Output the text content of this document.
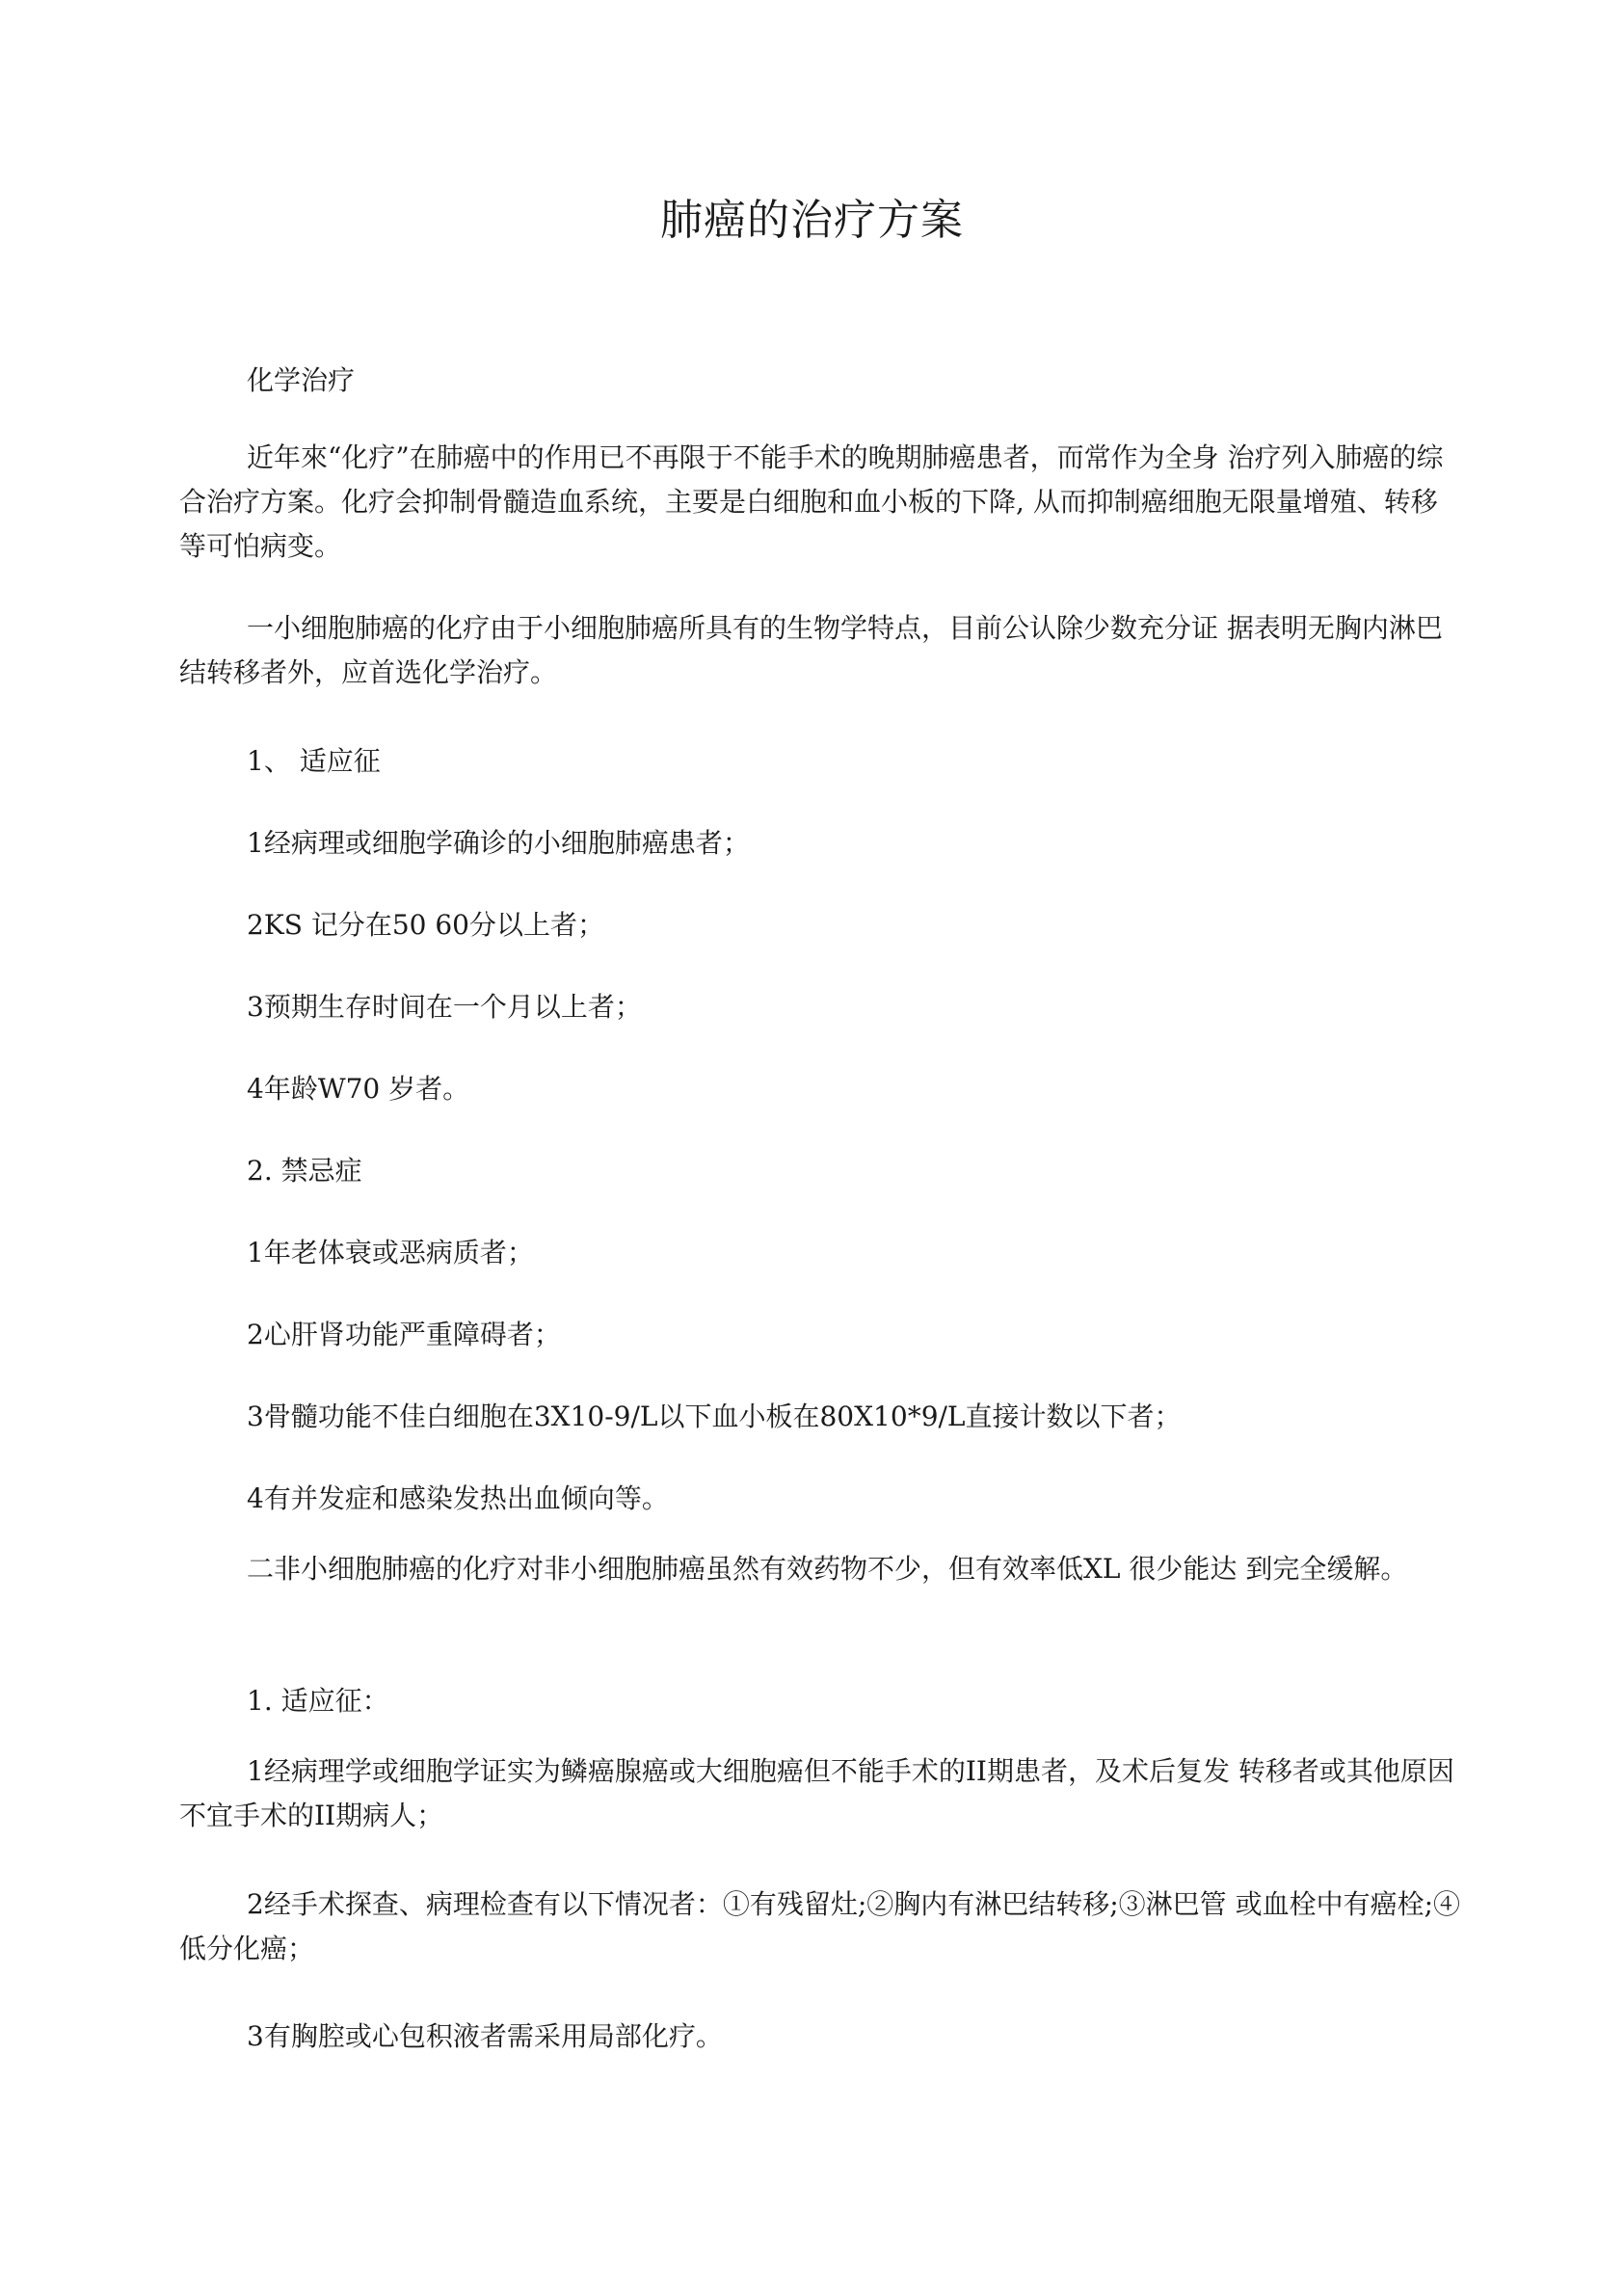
肺癌的治疗方案

化学治疗

近年來“化疗”在肺癌中的作用已不再限于不能手术的晚期肺癌患者，而常作为全身 治疗列入肺癌的综合治疗方案。化疗会抑制骨髓造血系统，主要是白细胞和血小板的下降, 从而抑制癌细胞无限量增殖、转移等可怕病变。

一小细胞肺癌的化疗由于小细胞肺癌所具有的生物学特点，目前公认除少数充分证 据表明无胸内淋巴结转移者外，应首选化学治疗。

1、 适应征

1经病理或细胞学确诊的小细胞肺癌患者；

2KS 记分在50 60分以上者；

3预期生存时间在一个月以上者；

4年龄W70 岁者。

2. 禁忌症

1年老体衰或恶病质者；

2心肝肾功能严重障碍者；

3骨髓功能不佳白细胞在3X10-9/L以下血小板在80X10*9/L直接计数以下者；

4有并发症和感染发热出血倾向等。

二非小细胞肺癌的化疗对非小细胞肺癌虽然有效药物不少，但有效率低XL 很少能达 到完全缓解。

1. 适应征：

1经病理学或细胞学证实为鳞癌腺癌或大细胞癌但不能手术的II期患者，及术后复发 转移者或其他原因不宜手术的II期病人；

2经手术探查、病理检查有以下情况者：①有残留灶;②胸内有淋巴结转移;③淋巴管 或血栓中有癌栓;④低分化癌；

3有胸腔或心包积液者需采用局部化疗。
